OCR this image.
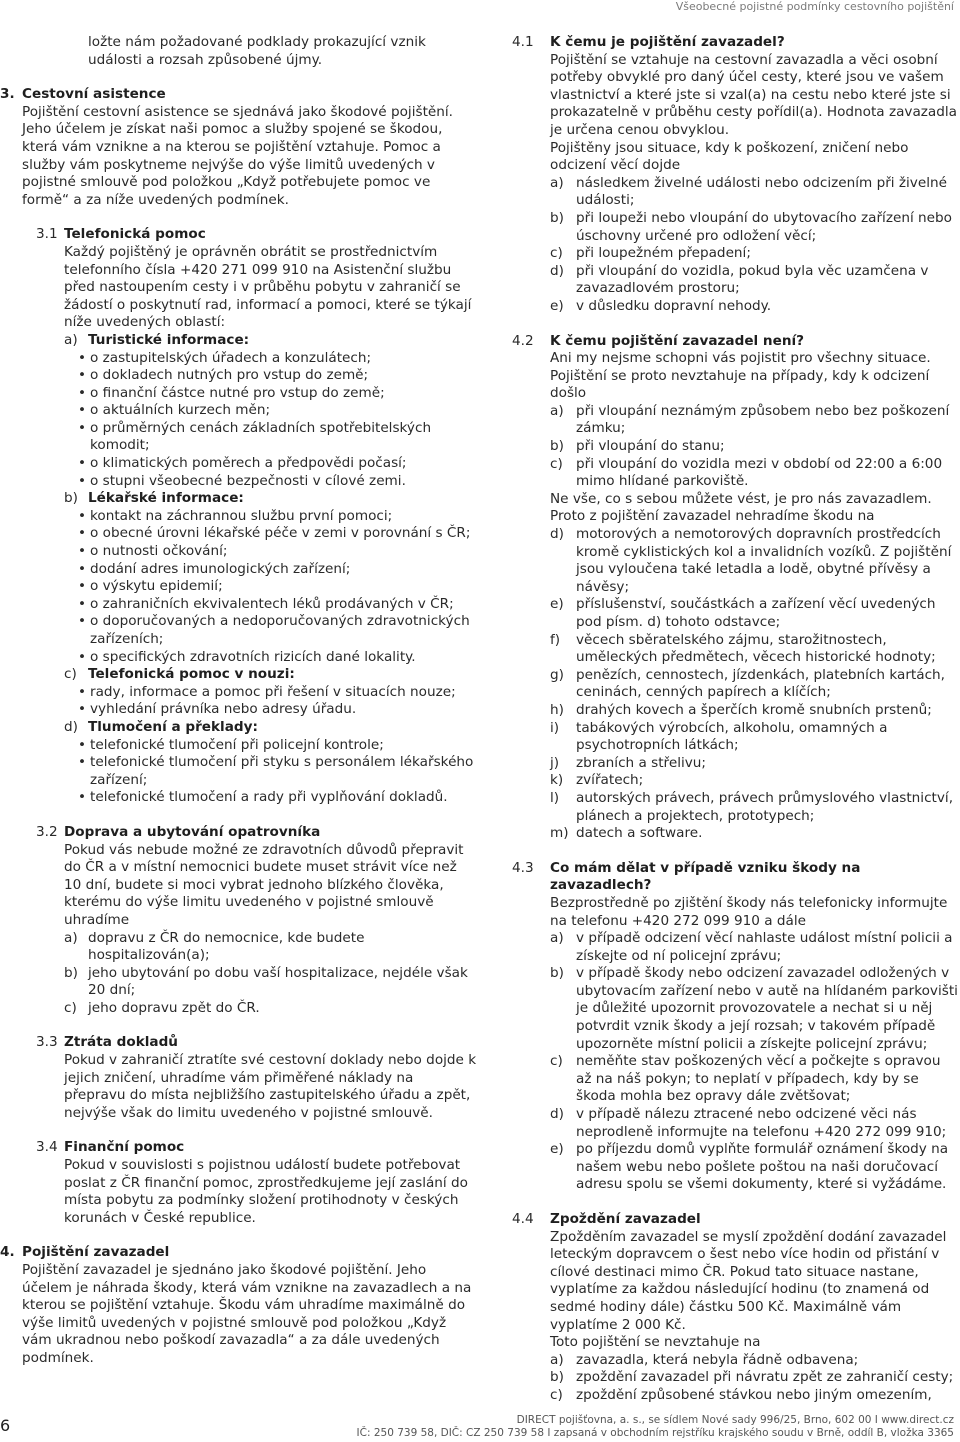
Všeobecné pojistné podmínky cestovního pojištění

ložte nám požadované podklady prokazující vznik události a rozsah způsobené újmy.

3. Cestovní asistence

Pojištění cestovní asistence se sjednává jako škodové pojištění. Jeho účelem je získat naši pomoc a služby spojené se škodou, která vám vznikne a na kterou se pojištění vztahuje. Pomoc a služby vám poskytneme nejvýše do výše limitů uvedených v pojistné smlouvě pod položkou „Když potřebujete pomoc ve formě“ a za níže uvedených podmínek.

3.1 Telefonická pomoc

Každý pojištěný je oprávněn obrátit se prostřednictvím telefonního čísla +420 271 099 910 na Asistenční službu před nastoupením cesty i v průběhu pobytu v zahraničí se žádostí o poskytnutí rad, informací a pomoci, které se týkají níže uvedených oblastí:

a) Turistické informace:
• o zastupitelských úřadech a konzulátech;
• o dokladech nutných pro vstup do země;
• o finanční částce nutné pro vstup do země;
• o aktuálních kurzech měn;
• o průměrných cenách základních spotřebitelských komodit;
• o klimatických poměrech a předpovědi počasí;
• o stupni všeobecné bezpečnosti v cílové zemi.
b) Lékařské informace:
• kontakt na záchrannou službu první pomoci;
• o obecné úrovni lékařské péče v zemi v porovnání s ČR;
• o nutnosti očkování;
• dodání adres imunologických zařízení;
• o výskytu epidemií;
• o zahraničních ekvivalentech léků prodávaných v ČR;
• o doporučovaných a nedoporučovaných zdravotnických zařízeních;
• o specifických zdravotních rizicích dané lokality.
c) Telefonická pomoc v nouzi:
• rady, informace a pomoc při řešení v situacích nouze;
• vyhledání právníka nebo adresy úřadu.
d) Tlumočení a překlady:
• telefonické tlumočení při policejní kontrole;
• telefonické tlumočení při styku s personálem lékařského zařízení;
• telefonické tlumočení a rady při vyplňování dokladů.
3.2 Doprava a ubytování opatrovníka

Pokud vás nebude možné ze zdravotních důvodů přepravit do ČR a v místní nemocnici budete muset strávit více než 10 dní, budete si moci vybrat jednoho blízkého člověka, kterému do výše limitu uvedeného v pojistné smlouvě uhradíme

a) dopravu z ČR do nemocnice, kde budete hospitalizován(a);
b) jeho ubytování po dobu vaší hospitalizace, nejdéle však 20 dní;
c) jeho dopravu zpět do ČR.
3.3 Ztráta dokladů

Pokud v zahraničí ztratíte své cestovní doklady nebo dojde k jejich zničení, uhradíme vám přiměřené náklady na přepravu do místa nejbližšího zastupitelského úřadu a zpět, nejvýše však do limitu uvedeného v pojistné smlouvě.

3.4 Finanční pomoc

Pokud v souvislosti s pojistnou událostí budete potřebovat poslat z ČR finanční pomoc, zprostředkujeme její zaslání do místa pobytu za podmínky složení protihodnoty v českých korunách v České republice.

4. Pojištění zavazadel

Pojištění zavazadel je sjednáno jako škodové pojištění. Jeho účelem je náhrada škody, která vám vznikne na zavazadlech a na kterou se pojištění vztahuje. Škodu vám uhradíme maximálně do výše limitů uvedených v pojistné smlouvě pod položkou „Když vám ukradnou nebo poškodí zavazadla“ a za dále uvedených podmínek.

4.1	K čemu je pojištění zavazadel?

Pojištění se vztahuje na cestovní zavazadla a věci osobní potřeby obvyklé pro daný účel cesty, které jsou ve vašem vlastnictví a které jste si vzal(a) na cestu nebo které jste si prokazatelně v průběhu cesty pořídil(a). Hodnota zavazadla je určena cenou obvyklou.

Pojištěny jsou situace, kdy k poškození, zničení nebo odcizení věcí dojde

a) následkem živelné události nebo odcizením při živelné události;
b) při loupeži nebo vloupání do ubytovacího zařízení nebo úschovny určené pro odložení věcí;
c) při loupežném přepadení;
d) při vloupání do vozidla, pokud byla věc uzamčena v zavazadlovém prostoru;
e) v důsledku dopravní nehody.
4.2	K čemu pojištění zavazadel není?

Ani my nejsme schopni vás pojistit pro všechny situace. Pojištění se proto nevztahuje na případy, kdy k odcizení došlo

a) při vloupání neznámým způsobem nebo bez poškození zámku;
b) při vloupání do stanu;
c) při vloupání do vozidla mezi v období od 22:00 a 6:00 mimo hlídané parkoviště.

Ne vše, co s sebou můžete vést, je pro nás zavazadlem. Proto z pojištění zavazadel nehradíme škodu na

d) motorových a nemotorových dopravních prostředcích kromě cyklistických kol a invalidních vozíků. Z pojištění jsou vyloučena také letadla a lodě, obytné přívěsy a návěsy;
e) příslušenství, součástkách a zařízení věcí uvedených pod písm. d) tohoto odstavce;
f)	věcech sběratelského zájmu, starožitnostech, uměleckých předmětech, věcech historické hodnoty;
g) penězích, cennostech, jízdenkách, platebních kartách, ceninách, cenných papírech a klíčích;
h) drahých kovech a šperčích kromě snubních prstenů;
i)	tabákových výrobcích, alkoholu, omamných a psychotropních látkách;
j)	zbraních a střelivu;
k) zvířatech;
l)	autorských právech, právech průmyslového vlastnictví, plánech a projektech, prototypech;
m) datech a software.
4.3	Co mám dělat v případě vzniku škody na zavazadlech?

Bezprostředně po zjištění škody nás telefonicky informujte na telefonu +420 272 099 910 a dále

a) v případě odcizení věcí nahlaste událost místní policii a získejte od ní policejní zprávu;
b) v případě škody nebo odcizení zavazadel odložených v ubytovacím zařízení nebo v autě na hlídaném parkovišti je důležité upozornit provozovatele a nechat si u něj potvrdit vznik škody a její rozsah; v takovém případě upozorněte místní policii a získejte policejní zprávu;
c) neměňte stav poškozených věcí a počkejte s opravou až na náš pokyn; to neplatí v případech, kdy by se škoda mohla bez opravy dále zvětšovat;
d) v případě nálezu ztracené nebo odcizené věci nás neprodleně informujte na telefonu +420 272 099 910;
e) po příjezdu domů vyplňte formulář oznámení škody na našem webu nebo pošlete poštou na naši doručovací adresu spolu se všemi dokumenty, které si vyžádáme.
4.4	Zpoždění zavazadel

Zpožděním zavazadel se myslí zpoždění dodání zavazadel leteckým dopravcem o šest nebo více hodin od přistání v cílové destinaci mimo ČR. Pokud tato situace nastane, vyplatíme za každou následující hodinu (to znamená od sedmé hodiny dále) částku 500 Kč. Maximálně vám vyplatíme 2 000 Kč.

Toto pojištění se nevztahuje na

a) zavazadla, která nebyla řádně odbavena;
b) zpoždění zavazadel při návratu zpět ze zahraničí cesty;
c) zpoždění způsobené stávkou nebo jiným omezením,
6	DIRECT pojišťovna, a. s., se sídlem Nové sady 996/25, Brno, 602 00 I www.direct.cz
IČ: 250 739 58, DIČ: CZ 250 739 58 I zapsaná v obchodním rejstříku krajského soudu v Brně, oddíl B, vložka 3365
